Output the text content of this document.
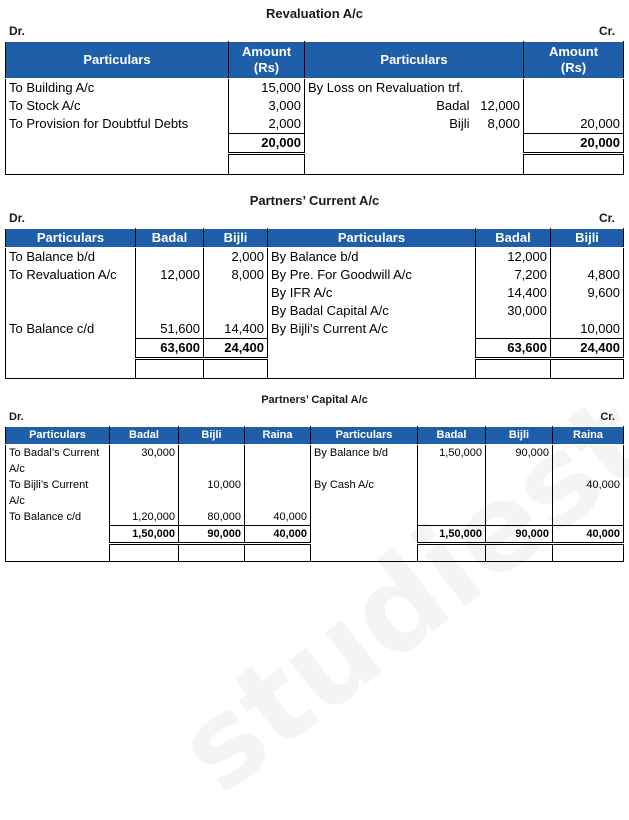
Revaluation A/c
Dr.	Cr.
Particulars	Amount
(Rs)	Particulars		Amount
(Rs)
To Building A/c	15,000	By Loss on Revaluation trf.		
To Stock A/c	3,000	Badal	12,000	
To Provision for Doubtful Debts	2,000	Bijli	8,000	20,000
	20,000			20,000

Partners’ Current A/c
Dr.	Cr.
Particulars	Badal	Bijli	Particulars	Badal	Bijli
To Balance b/d		2,000	By Balance b/d	12,000	
To Revaluation A/c	12,000	8,000	By Pre. For Goodwill A/c	7,200	4,800
			By IFR A/c	14,400	9,600
			By Badal Capital A/c	30,000	
To Balance c/d	51,600	14,400	By Bijli’s Current A/c		10,000
	63,600	24,400		63,600	24,400

Partners’ Capital A/c
Dr.	Cr.
Particulars	Badal	Bijli	Raina	Particulars	Badal	Bijli	Raina
To Badal’s Current A/c	30,000			By Balance b/d	1,50,000	90,000	
To Bijli’s Current A/c		10,000		By Cash A/c			40,000
To Balance c/d	1,20,000	80,000	40,000				
	1,50,000	90,000	40,000		1,50,000	90,000	40,000
